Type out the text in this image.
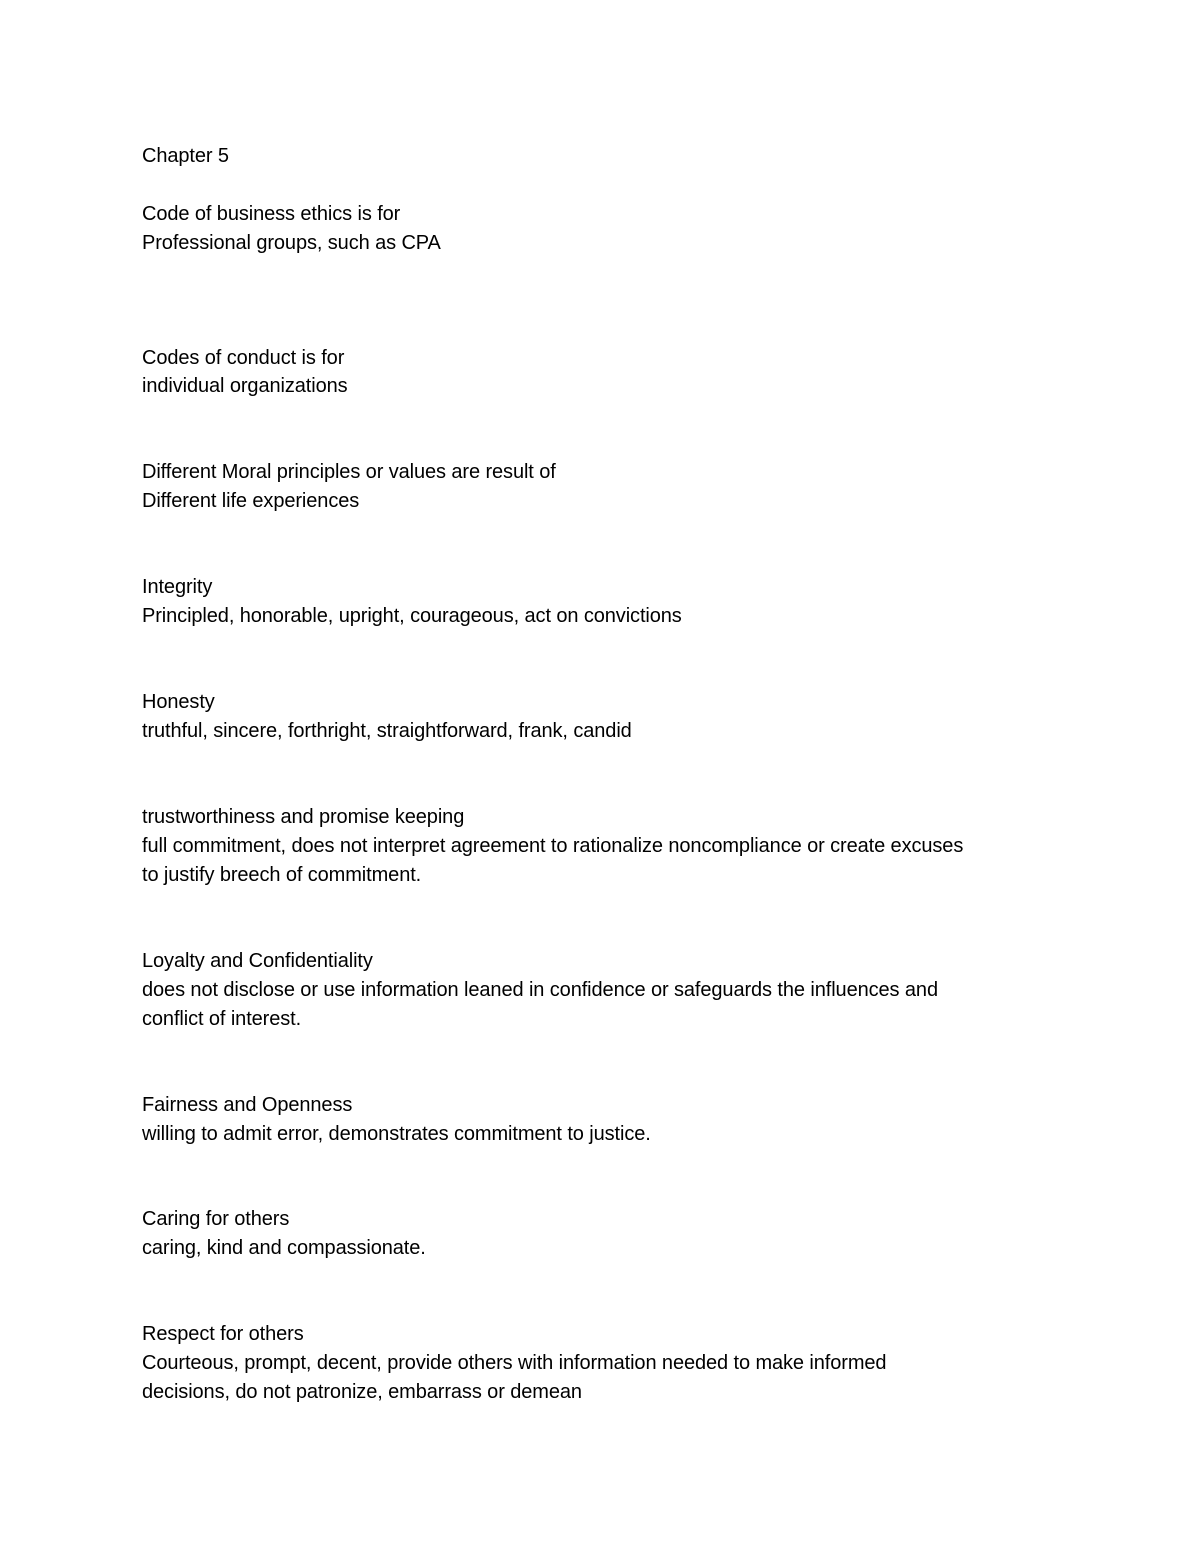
Chapter 5
Code of business ethics is for
Professional groups, such as CPA
Codes of conduct is for
individual organizations
Different Moral principles or values are result of
Different life experiences
Integrity
Principled, honorable, upright, courageous, act on convictions
Honesty
truthful, sincere, forthright, straightforward, frank, candid
trustworthiness and promise keeping
full commitment, does not interpret agreement to rationalize noncompliance or create excuses
to justify breech of commitment.
Loyalty and Confidentiality
does not disclose or use information leaned in confidence or safeguards the influences and
conflict of interest.
Fairness and Openness
willing to admit error, demonstrates commitment to justice.
Caring for others
caring, kind and compassionate.
Respect for others
Courteous, prompt, decent, provide others with information needed to make informed
decisions, do not patronize, embarrass or demean
